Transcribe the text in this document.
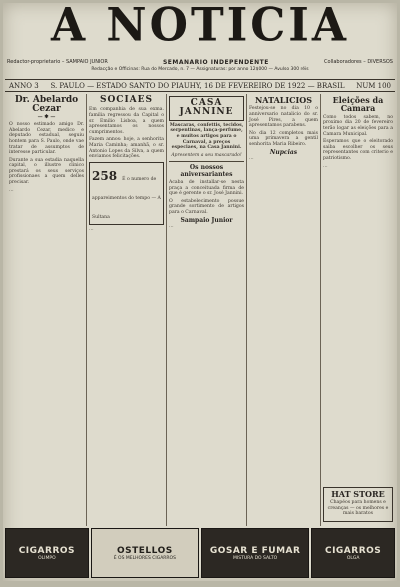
A NOTICIA
Redactor-proprietario – SAMPAIO JUNIOR	SEMANARIO INDEPENDENTE	Collaboradores – DIVERSOS
Redacção e Officinas: Rua do Mercado, n. 7 — Assignaturas: por anno 12$000 — Avulso 300 réis
ANNO 3 S. PAULO — ESTADO SANTO DO PIAUHY, 16 DE FEVEREIRO DE 1922 — BRASIL NUM 100
Dr. Abelardo Cezar
— ✱ —

O nosso estimado amigo Dr. Abelardo Cezar, medico e deputado estadual, seguiu hontem para S. Paulo, onde vae tratar de assumptos de interesse particular.

Durante a sua estadia naquella capital, o illustre clinico prestará os seus serviços profissionaes a quem delles precisar.

…
SOCIAES

Em companhia de sua exma. familia regressou da Capital o sr. Emilio Lisboa, a quem apresentamos os nossos cumprimentos.

Fazem annos: hoje, a senhorita Maria Caminha; amanhã, o sr. Antonio Lopes da Silva, a quem enviamos felicitações.

258 É o numero de appareimentos do tempo — A Sultana
…
CASA JANNINE

Mascaras, confettis, tecidos, serpentinas, lança-perfume, e muitos artigos para o Carnaval, a preços especiaes, na Casa Jannini.

Apresentem a seu mascarado!

Os nossos aniversariantes

Acaba de installar-se nesta praça a conceituada firma de que é gerente o sr. José Jannini.

O estabelecimento possue grande sortimento de artigos para o Carnaval.

Sampaio Junior
…
NATALICIOS

Festejou-se no dia 10 o anniversario natalicio do sr. José Pires, a quem apresentamos parabens.

No dia 12 completou mais uma primavera a gentil senhorita Maria Ribeiro.

Nupcias
…
Eleições da Camara

Como todos sabem, no proximo dia 20 de fevereiro terão logar as eleições para a Camara Municipal.

Esperamos que o eleitorado saiba escolher os seus representantes com criterio e patriotismo.

…
HAT STORE
Chapéos para homens e creanças — os melhores e mais baratos
CIGARROS
OLIMPO
OSTELLOS
É OS MELHORES CIGARROS
GOSAR E FUMAR
MISTURA DO SALTO
CIGARROS
OLGA
